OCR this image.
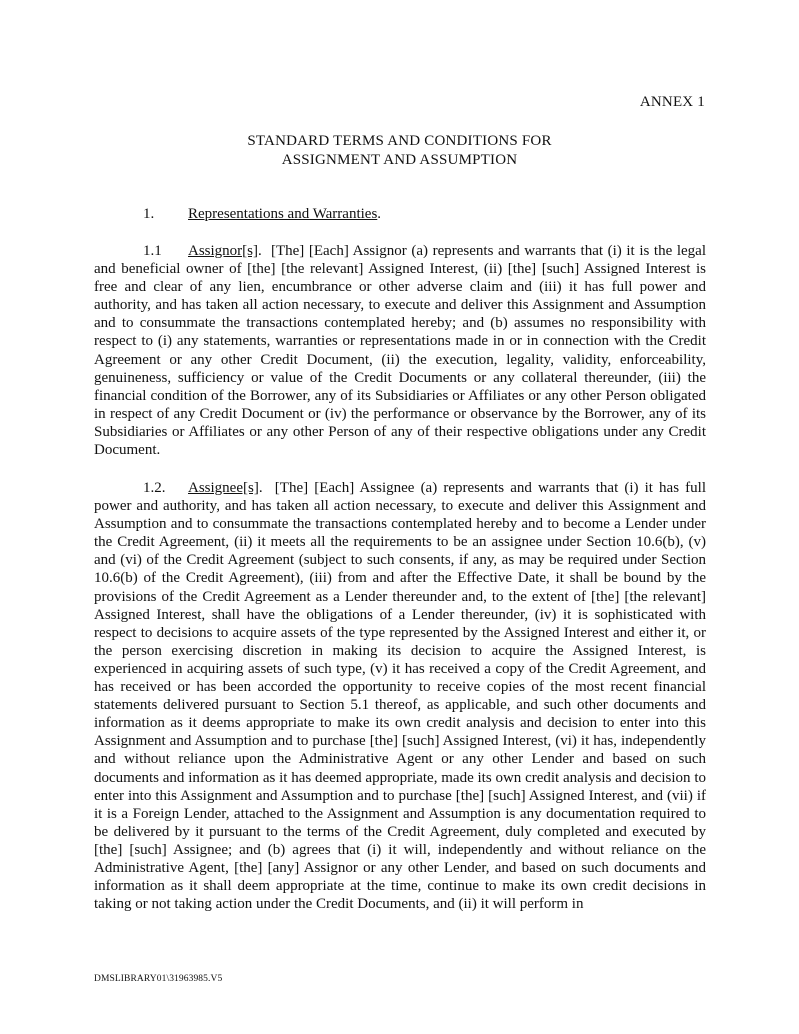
ANNEX 1
STANDARD TERMS AND CONDITIONS FOR
ASSIGNMENT AND ASSUMPTION
1. Representations and Warranties.

1.1 Assignor[s]. [The] [Each] Assignor (a) represents and warrants that (i) it is the legal and beneficial owner of [the] [the relevant] Assigned Interest, (ii) [the] [such] Assigned Interest is free and clear of any lien, encumbrance or other adverse claim and (iii) it has full power and authority, and has taken all action necessary, to execute and deliver this Assignment and Assumption and to consummate the transactions contemplated hereby; and (b) assumes no responsibility with respect to (i) any statements, warranties or representations made in or in connection with the Credit Agreement or any other Credit Document, (ii) the execution, legality, validity, enforceability, genuineness, sufficiency or value of the Credit Documents or any collateral thereunder, (iii) the financial condition of the Borrower, any of its Subsidiaries or Affiliates or any other Person obligated in respect of any Credit Document or (iv) the performance or observance by the Borrower, any of its Subsidiaries or Affiliates or any other Person of any of their respective obligations under any Credit Document.

1.2. Assignee[s]. [The] [Each] Assignee (a) represents and warrants that (i) it has full power and authority, and has taken all action necessary, to execute and deliver this Assignment and Assumption and to consummate the transactions contemplated hereby and to become a Lender under the Credit Agreement, (ii) it meets all the requirements to be an assignee under Section 10.6(b), (v) and (vi) of the Credit Agreement (subject to such consents, if any, as may be required under Section 10.6(b) of the Credit Agreement), (iii) from and after the Effective Date, it shall be bound by the provisions of the Credit Agreement as a Lender thereunder and, to the extent of [the] [the relevant] Assigned Interest, shall have the obligations of a Lender thereunder, (iv) it is sophisticated with respect to decisions to acquire assets of the type represented by the Assigned Interest and either it, or the person exercising discretion in making its decision to acquire the Assigned Interest, is experienced in acquiring assets of such type, (v) it has received a copy of the Credit Agreement, and has received or has been accorded the opportunity to receive copies of the most recent financial statements delivered pursuant to Section 5.1 thereof, as applicable, and such other documents and information as it deems appropriate to make its own credit analysis and decision to enter into this Assignment and Assumption and to purchase [the] [such] Assigned Interest, (vi) it has, independently and without reliance upon the Administrative Agent or any other Lender and based on such documents and information as it has deemed appropriate, made its own credit analysis and decision to enter into this Assignment and Assumption and to purchase [the] [such] Assigned Interest, and (vii) if it is a Foreign Lender, attached to the Assignment and Assumption is any documentation required to be delivered by it pursuant to the terms of the Credit Agreement, duly completed and executed by [the] [such] Assignee; and (b) agrees that (i) it will, independently and without reliance on the Administrative Agent, [the] [any] Assignor or any other Lender, and based on such documents and information as it shall deem appropriate at the time, continue to make its own credit decisions in taking or not taking action under the Credit Documents, and (ii) it will perform in

DMSLIBRARY01\31963985.V5
